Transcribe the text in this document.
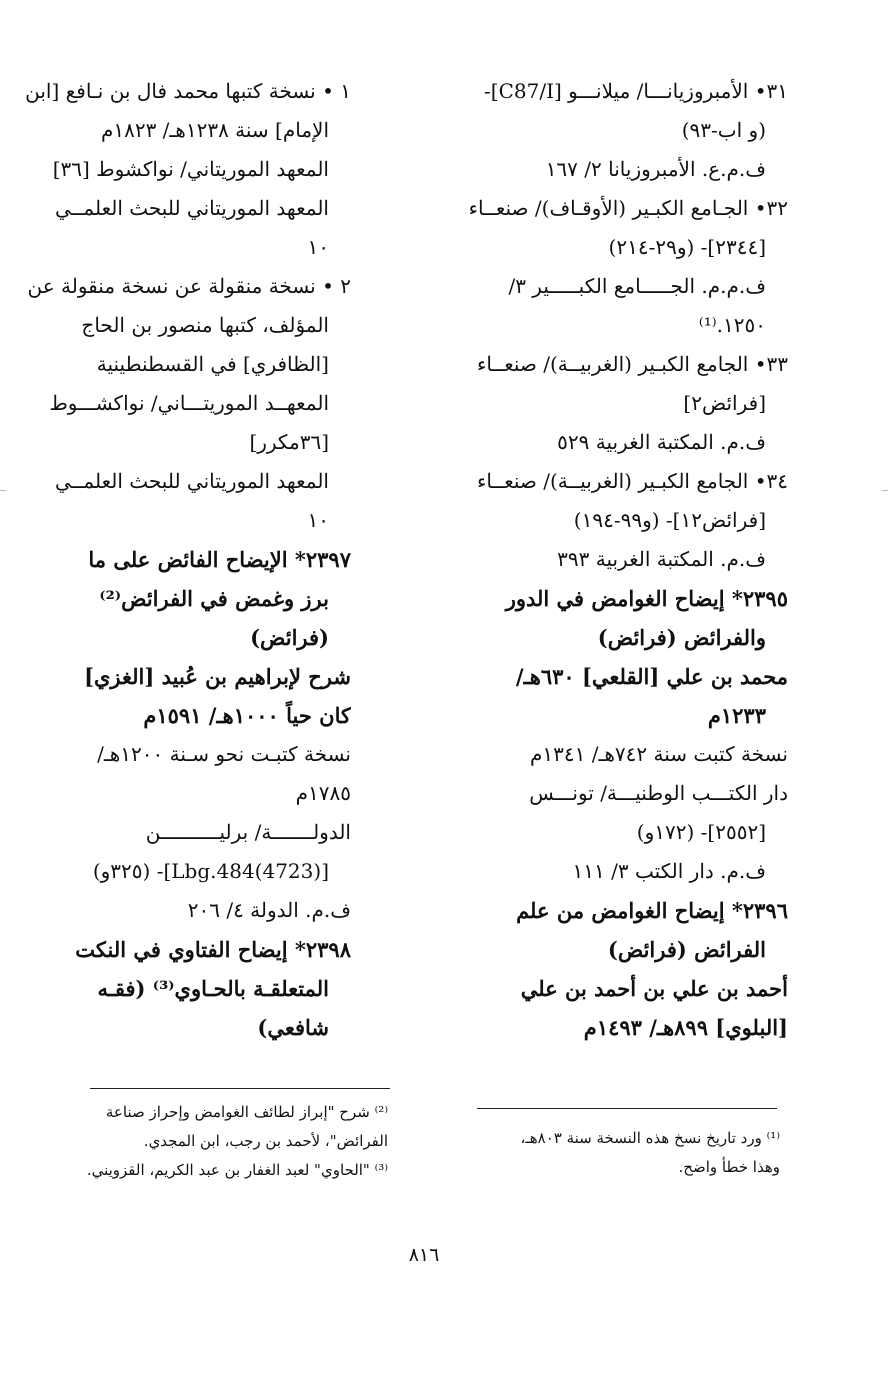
٣١• الأمبروزيانـــا/ ميلانـــو [C87/I]-
(و اب-٩٣)
ف.م.ع. الأمبروزيانا ٢/ ١٦٧
٣٢• الجـامع الكبـير (الأوقـاف)/ صنعــاء
[٢٣٤٤]- (و٢٩-٢١٤)
ف.م.م. الجـــــامع الكبـــــير ٣/
١٢٥٠.⁽¹⁾
٣٣• الجامع الكبـير (الغربيــة)/ صنعــاء
[فرائض٢]
ف.م. المكتبة الغربية ٥٢٩
٣٤• الجامع الكبـير (الغربيــة)/ صنعــاء
[فرائض١٢]- (و٩٩-١٩٤)
ف.م. المكتبة الغربية ٣٩٣
٢٣٩٥* إيضاح الغوامض في الدور
والفرائض (فرائض)
محمد بن علي [القلعي] ٦٣٠هـ/
١٢٣٣م
نسخة كتبت سنة ٧٤٢هـ/ ١٣٤١م
دار الكتـــب الوطنيـــة/ تونـــس
[٢٥٥٢]- (١٧٢و)
ف.م. دار الكتب ٣/ ١١١
٢٣٩٦* إيضاح الغوامض من علم
الفرائض (فرائض)
أحمد بن علي بن أحمد بن علي
[البلوي] ٨٩٩هـ/ ١٤٩٣م
١ • نسخة كتبها محمد فال بن نـافع [ابن
الإمام] سنة ١٢٣٨هـ/ ١٨٢٣م
المعهد الموريتاني/ نواكشوط [٣٦]
المعهد الموريتاني للبحث العلمــي
١٠
٢ • نسخة منقولة عن نسخة منقولة عن
المؤلف، كتبها منصور بن الحاج
[الظافري] في القسطنطينية
المعهــد الموريتـــاني/ نواكشـــوط
[٣٦مكرر]
المعهد الموريتاني للبحث العلمــي
١٠
٢٣٩٧* الإيضاح الفائض على ما
برز وغمض في الفرائض⁽²⁾
(فرائض)
شرح لإبراهيم بن عُبيد [الغزي]
كان حياً ١٠٠٠هـ/ ١٥٩١م
نسخة كتبـت نحو سـنة ١٢٠٠هـ/
١٧٨٥م
الدولـــــــة/ برليــــــــــن
[Lbg.484(4723)]- (٣٢٥و)
ف.م. الدولة ٤/ ٢٠٦
٢٣٩٨* إيضاح الفتاوي في النكت
المتعلقـة بالحـاوي⁽³⁾ (فقـه
شافعي)
⁽²⁾ شرح "إبراز لطائف الغوامض وإحراز صناعة
الفرائض"، لأحمد بن رجب، ابن المجدي.
⁽³⁾ "الحاوي" لعبد الغفار بن عبد الكريم، القزويني.
⁽¹⁾ ورد تاريخ نسخ هذه النسخة سنة ٨٠٣هـ،
وهذا خطأ واضح.
٨١٦
